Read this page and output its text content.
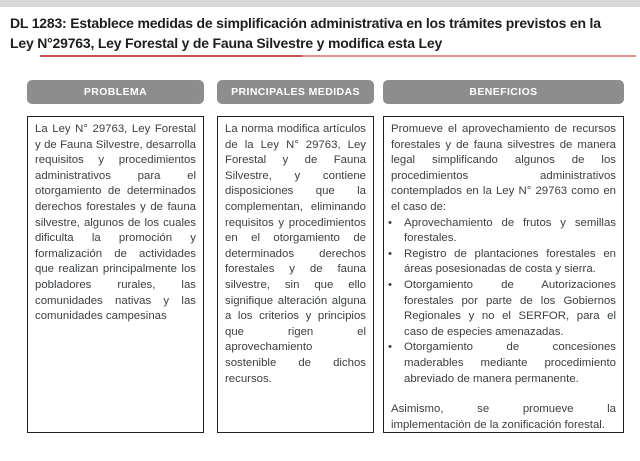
DL 1283: Establece medidas de simplificación administrativa en los trámites previstos en la
Ley N°29763, Ley Forestal y de Fauna Silvestre y modifica esta Ley
PROBLEMA	PRINCIPALES MEDIDAS	BENEFICIOS

La Ley N° 29763, Ley Forestal y de Fauna Silvestre, desarrolla requisitos y procedimientos administrativos para el otorgamiento de determinados derechos forestales y de fauna silvestre, algunos de los cuales dificulta la promoción y formalización de actividades que realizan principalmente los pobladores rurales, las comunidades nativas y las comunidades campesinas

La norma modifica artículos de la Ley N° 29763, Ley Forestal y de Fauna Silvestre, y contiene disposiciones que la complementan, eliminando requisitos y procedimientos en el otorgamiento de determinados derechos forestales y de fauna silvestre, sin que ello signifique alteración alguna a los criterios y principios que rigen el aprovechamiento sostenible de dichos recursos.

Promueve el aprovechamiento de recursos forestales y de fauna silvestres de manera legal simplificando algunos de los procedimientos administrativos contemplados en la Ley N° 29763 como en el caso de:

• Aprovechamiento de frutos y semillas forestales.
• Registro de plantaciones forestales en áreas posesionadas de costa y sierra.
• Otorgamiento de Autorizaciones forestales por parte de los Gobiernos Regionales y no el SERFOR, para el caso de especies amenazadas.
• Otorgamiento de concesiones maderables mediante procedimiento abreviado de manera permanente.
Asimismo, se promueve la
implementación de la zonificación forestal.
